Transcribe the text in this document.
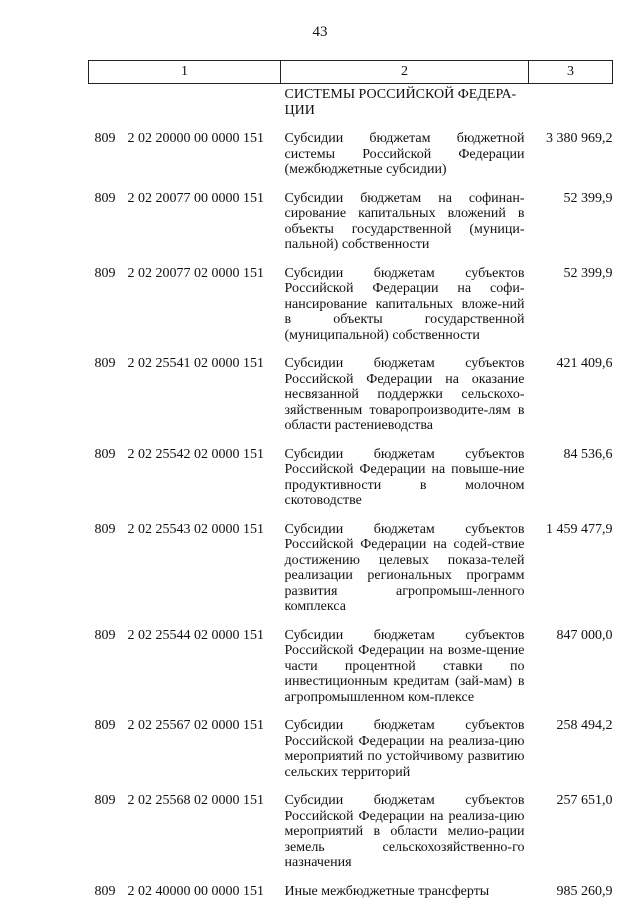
43
1	2	3
	СИСТЕМЫ РОССИЙСКОЙ ФЕДЕРА-
ЦИИ	

809 2 02 20000 00 0000 151	Субсидии бюджетам бюджетной системы Российской Федерации (межбюджетные субсидии)	3 380 969,2

809 2 02 20077 00 0000 151	Субсидии бюджетам на софинан-сирование капитальных вложений в объекты государственной (муници-пальной) собственности	52 399,9

809 2 02 20077 02 0000 151	Субсидии бюджетам субъектов Российской Федерации на софи-нансирование капитальных вложе-ний в объекты государственной (муниципальной) собственности	52 399,9

809 2 02 25541 02 0000 151	Субсидии бюджетам субъектов Российской Федерации на оказание несвязанной поддержки сельскохо-зяйственным товаропроизводите-лям в области растениеводства	421 409,6

809 2 02 25542 02 0000 151	Субсидии бюджетам субъектов Российской Федерации на повыше-ние продуктивности в молочном скотоводстве	84 536,6

809 2 02 25543 02 0000 151	Субсидии бюджетам субъектов Российской Федерации на содей-ствие достижению целевых показа-телей реализации региональных программ развития агропромыш-ленного комплекса	1 459 477,9

809 2 02 25544 02 0000 151	Субсидии бюджетам субъектов Российской Федерации на возме-щение части процентной ставки по инвестиционным кредитам (зай-мам) в агропромышленном ком-плексе	847 000,0

809 2 02 25567 02 0000 151	Субсидии бюджетам субъектов Российской Федерации на реализа-цию мероприятий по устойчивому развитию сельских территорий	258 494,2

809 2 02 25568 02 0000 151	Субсидии бюджетам субъектов Российской Федерации на реализа-цию мероприятий в области мелио-рации земель сельскохозяйственно-го назначения	257 651,0

809 2 02 40000 00 0000 151	Иные межбюджетные трансферты	985 260,9
